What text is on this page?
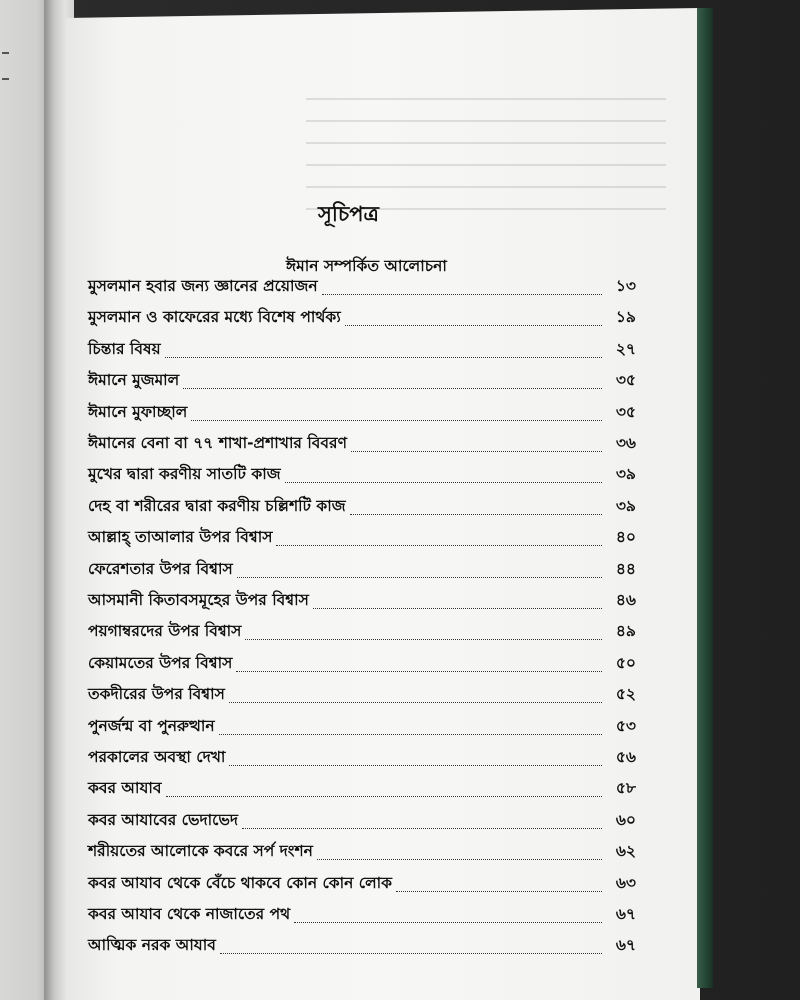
সূচিপত্র
ঈমান সম্পর্কিত আলোচনা
মুসলমান হবার জন্য জ্ঞানের প্রয়োজন	১৩
মুসলমান ও কাফেরের মধ্যে বিশেষ পার্থক্য	১৯
চিন্তার বিষয়	২৭
ঈমানে মুজমাল	৩৫
ঈমানে মুফাচ্ছাল	৩৫
ঈমানের বেনা বা ৭৭ শাখা-প্রশাখার বিবরণ	৩৬
মুখের দ্বারা করণীয় সাতটি কাজ	৩৯
দেহ বা শরীরের দ্বারা করণীয় চল্লিশটি কাজ	৩৯
আল্লাহ্ তাআলার উপর বিশ্বাস	৪০
ফেরেশতার উপর বিশ্বাস	৪৪
আসমানী কিতাবসমূহের উপর বিশ্বাস	৪৬
পয়গাম্বরদের উপর বিশ্বাস	৪৯
কেয়ামতের উপর বিশ্বাস	৫০
তকদীরের উপর বিশ্বাস	৫২
পুনর্জন্ম বা পুনরুত্থান	৫৩
পরকালের অবস্থা দেখা	৫৬
কবর আযাব	৫৮
কবর আযাবের ভেদাভেদ	৬০
শরীয়তের আলোকে কবরে সর্প দংশন	৬২
কবর আযাব থেকে বেঁচে থাকবে কোন কোন লোক	৬৩
কবর আযাব থেকে নাজাতের পথ	৬৭
আত্মিক নরক আযাব	৬৭
